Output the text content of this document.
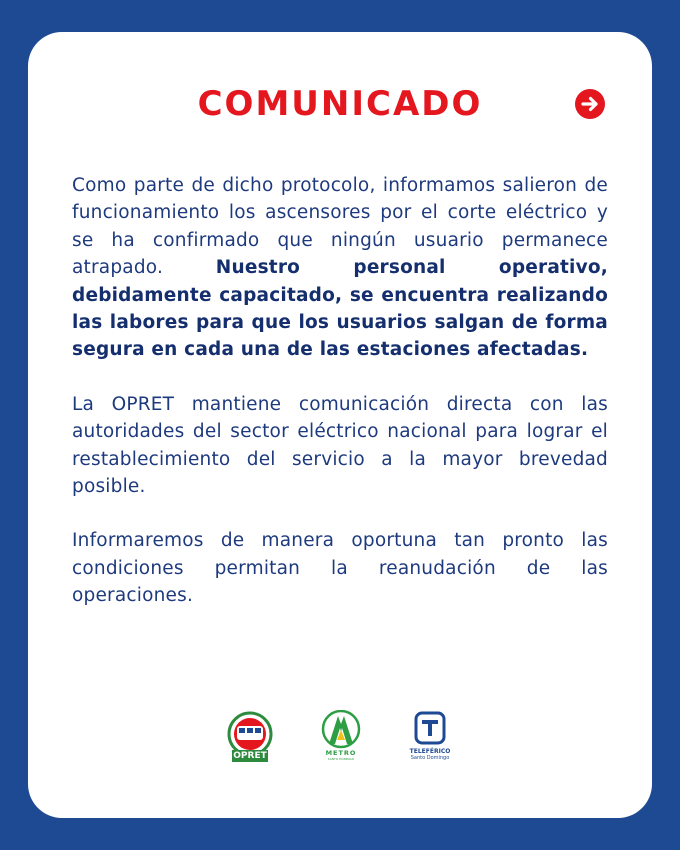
COMUNICADO

Como parte de dicho protocolo, informamos salieron de funcionamiento los ascensores por el corte eléctrico y se ha confirmado que ningún usuario permanece atrapado. Nuestro personal operativo, debidamente capacitado, se encuentra realizando las labores para que los usuarios salgan de forma segura en cada una de las estaciones afectadas.

La OPRET mantiene comunicación directa con las autoridades del sector eléctrico nacional para lograr el restablecimiento del servicio a la mayor brevedad posible.

Informaremos de manera oportuna tan pronto las condiciones permitan la reanudación de las operaciones.

OPRET	METRO
SANTO DOMINGO
TELEFÉRICO
Santo Domingo
